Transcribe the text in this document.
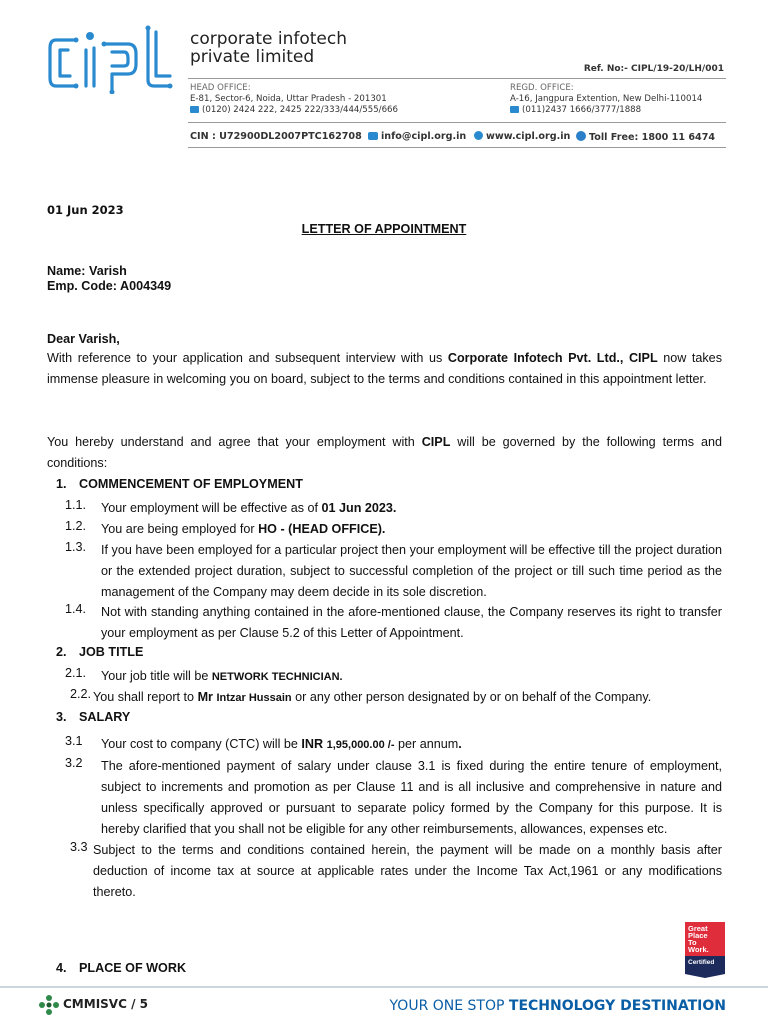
corporate infotech
private limited
Ref. No:- CIPL/19-20/LH/001
HEAD OFFICE:
E-81, Sector-6, Noida, Uttar Pradesh - 201301
(0120) 2424 222, 2425 222/333/444/555/666
REGD. OFFICE:
A-16, Jangpura Extention, New Delhi-110014
(011)2437 1666/3777/1888
CIN : U72900DL2007PTC162708	info@cipl.org.in	www.cipl.org.in	Toll Free: 1800 11 6474
01 Jun 2023
LETTER OF APPOINTMENT
Name: Varish
Emp. Code: A004349
Dear Varish,
With reference to your application and subsequent interview with us Corporate Infotech Pvt. Ltd., CIPL now takes immense pleasure in welcoming you on board, subject to the terms and conditions contained in this appointment letter.
You hereby understand and agree that your employment with CIPL will be governed by the following terms and conditions:
1. COMMENCEMENT OF EMPLOYMENT
1.1. Your employment will be effective as of 01 Jun 2023.
1.2. You are being employed for HO - (HEAD OFFICE).
1.3. If you have been employed for a particular project then your employment will be effective till the project duration or the extended project duration, subject to successful completion of the project or till such time period as the management of the Company may deem decide in its sole discretion.
1.4. Not with standing anything contained in the afore-mentioned clause, the Company reserves its right to transfer your employment as per Clause 5.2 of this Letter of Appointment.
2. JOB TITLE
2.1. Your job title will be NETWORK TECHNICIAN.
2.2. You shall report to Mr Intzar Hussain or any other person designated by or on behalf of the Company.
3. SALARY
3.1 Your cost to company (CTC) will be INR 1,95,000.00 /- per annum.
3.2 The afore-mentioned payment of salary under clause 3.1 is fixed during the entire tenure of employment, subject to increments and promotion as per Clause 11 and is all inclusive and comprehensive in nature and unless specifically approved or pursuant to separate policy formed by the Company for this purpose. It is hereby clarified that you shall not be eligible for any other reimbursements, allowances, expenses etc.
3.3 Subject to the terms and conditions contained herein, the payment will be made on a monthly basis after deduction of income tax at source at applicable rates under the Income Tax Act,1961 or any modifications thereto.
4. PLACE OF WORK
Great
Place
To
Work.
Certified
CMMISVC / 5	YOUR ONE STOP TECHNOLOGY DESTINATION
